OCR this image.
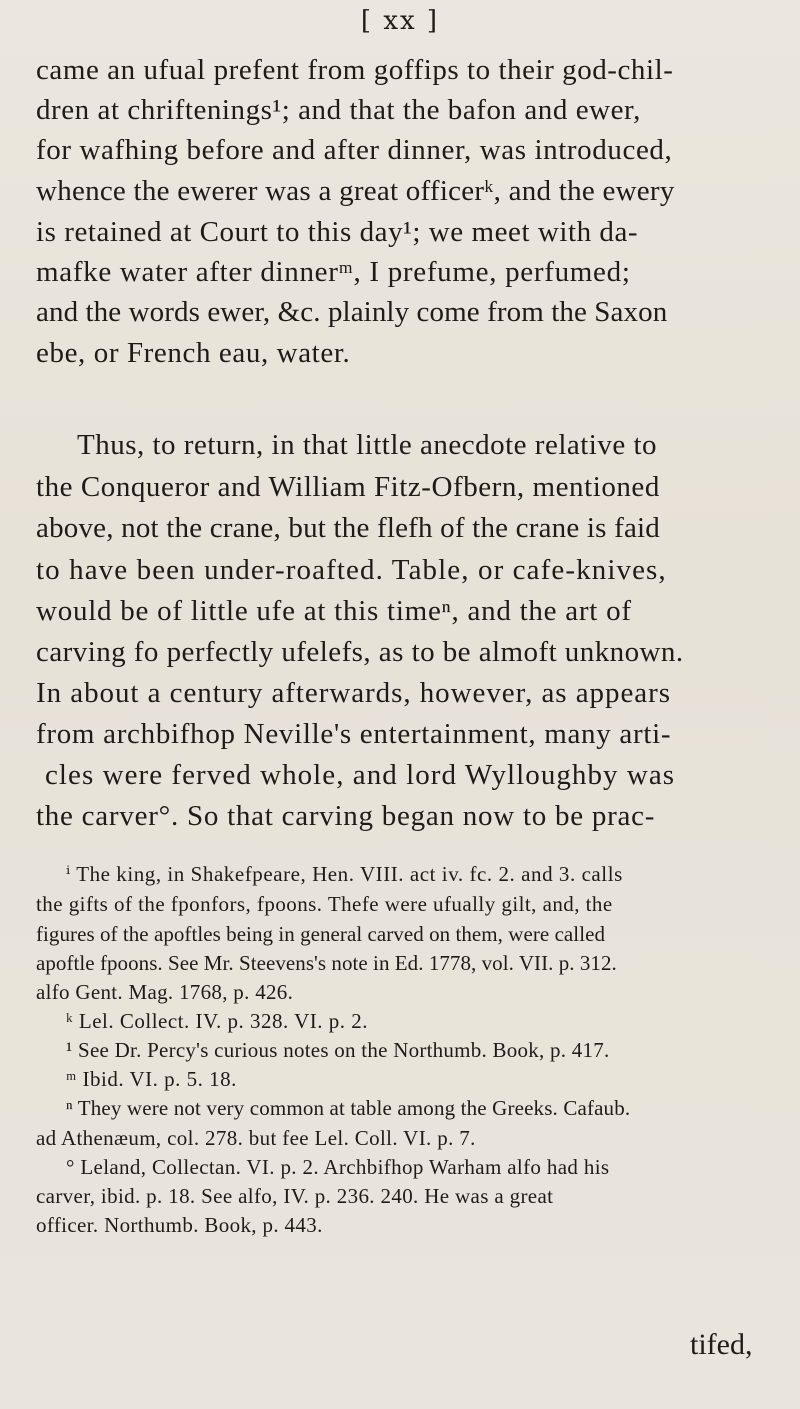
[ xx ]
came an ufual prefent from goffips to their god-chil-
dren at chriftenings¹; and that the bafon and ewer,
for wafhing before and after dinner, was introduced,
whence the ewerer was a great officerᵏ, and the ewery
is retained at Court to this day¹; we meet with da-
mafke water after dinnerᵐ, I prefume, perfumed;
and the words ewer, &c. plainly come from the Saxon
ebe, or French eau, water.
Thus, to return, in that little anecdote relative to
the Conqueror and William Fitz-Ofbern, mentioned
above, not the crane, but the flefh of the crane is faid
to have been under-roafted. Table, or cafe-knives,
would be of little ufe at this timeⁿ, and the art of
carving fo perfectly ufelefs, as to be almoft unknown.
In about a century afterwards, however, as appears
from archbifhop Neville's entertainment, many arti-
cles were ferved whole, and lord Wylloughby was
the carver°. So that carving began now to be prac-
ⁱ The king, in Shakefpeare, Hen. VIII. act iv. fc. 2. and 3. calls
the gifts of the fponfors, fpoons. Thefe were ufually gilt, and, the
figures of the apoftles being in general carved on them, were called
apoftle fpoons. See Mr. Steevens's note in Ed. 1778, vol. VII. p. 312.
alfo Gent. Mag. 1768, p. 426.
ᵏ Lel. Collect. IV. p. 328. VI. p. 2.
¹ See Dr. Percy's curious notes on the Northumb. Book, p. 417.
ᵐ Ibid. VI. p. 5. 18.
ⁿ They were not very common at table among the Greeks. Cafaub.
ad Athenæum, col. 278. but fee Lel. Coll. VI. p. 7.
° Leland, Collectan. VI. p. 2. Archbifhop Warham alfo had his
carver, ibid. p. 18. See alfo, IV. p. 236. 240. He was a great
officer. Northumb. Book, p. 443.
tifed,
